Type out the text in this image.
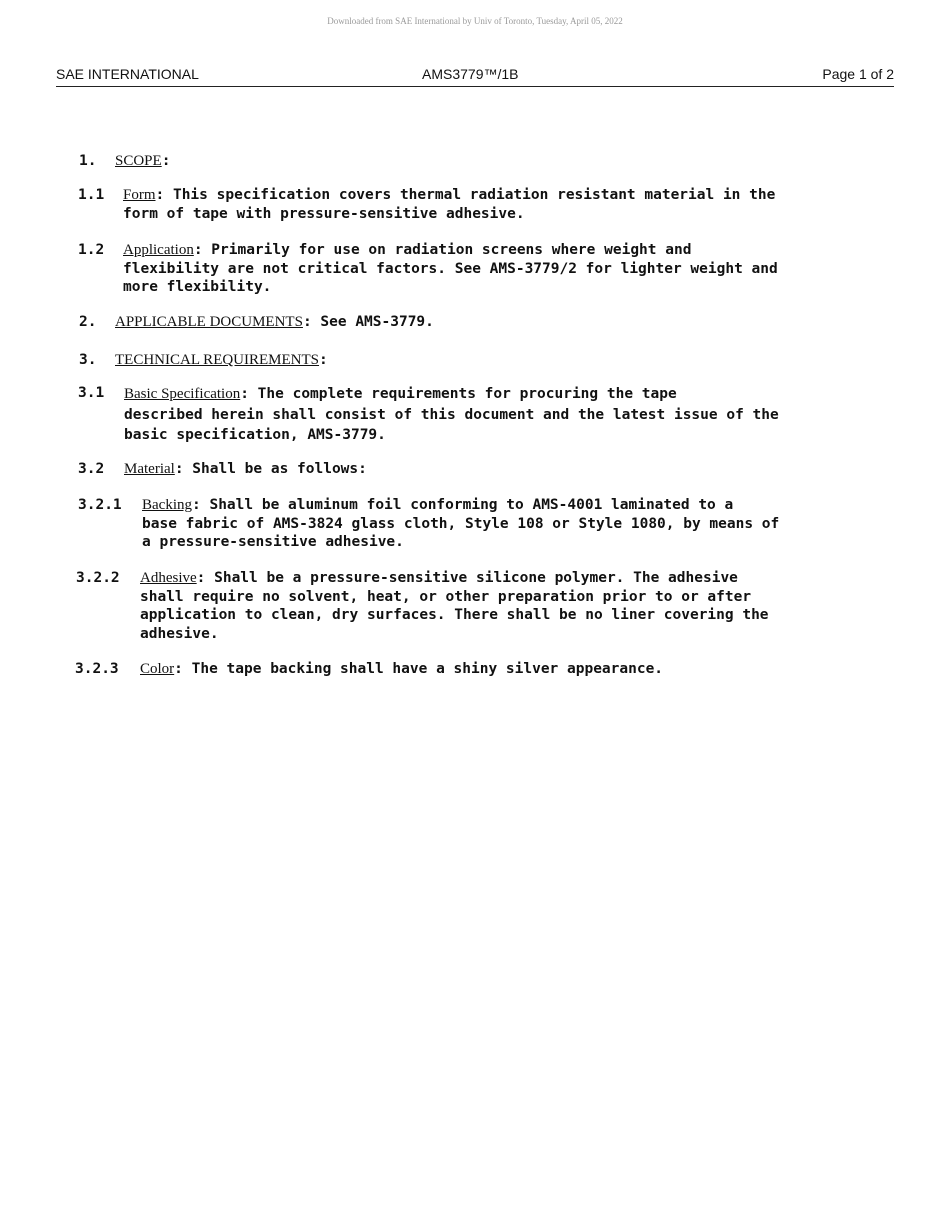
Downloaded from SAE International by Univ of Toronto, Tuesday, April 05, 2022
SAE INTERNATIONAL	AMS3779™/1B	Page 1 of 2
1. SCOPE:
1.1 Form: This specification covers thermal radiation resistant material in the
form of tape with pressure-sensitive adhesive.
1.2 Application: Primarily for use on radiation screens where weight and
flexibility are not critical factors. See AMS-3779/2 for lighter weight and
more flexibility.
2. APPLICABLE DOCUMENTS: See AMS-3779.
3. TECHNICAL REQUIREMENTS:
3.1 Basic Specification: The complete requirements for procuring the tape
described herein shall consist of this document and the latest issue of the
basic specification, AMS-3779.
3.2 Material: Shall be as follows:
3.2.1 Backing: Shall be aluminum foil conforming to AMS-4001 laminated to a
base fabric of AMS-3824 glass cloth, Style 108 or Style 1080, by means of
a pressure-sensitive adhesive.
3.2.2 Adhesive: Shall be a pressure-sensitive silicone polymer. The adhesive
shall require no solvent, heat, or other preparation prior to or after
application to clean, dry surfaces. There shall be no liner covering the
adhesive.
3.2.3 Color: The tape backing shall have a shiny silver appearance.
